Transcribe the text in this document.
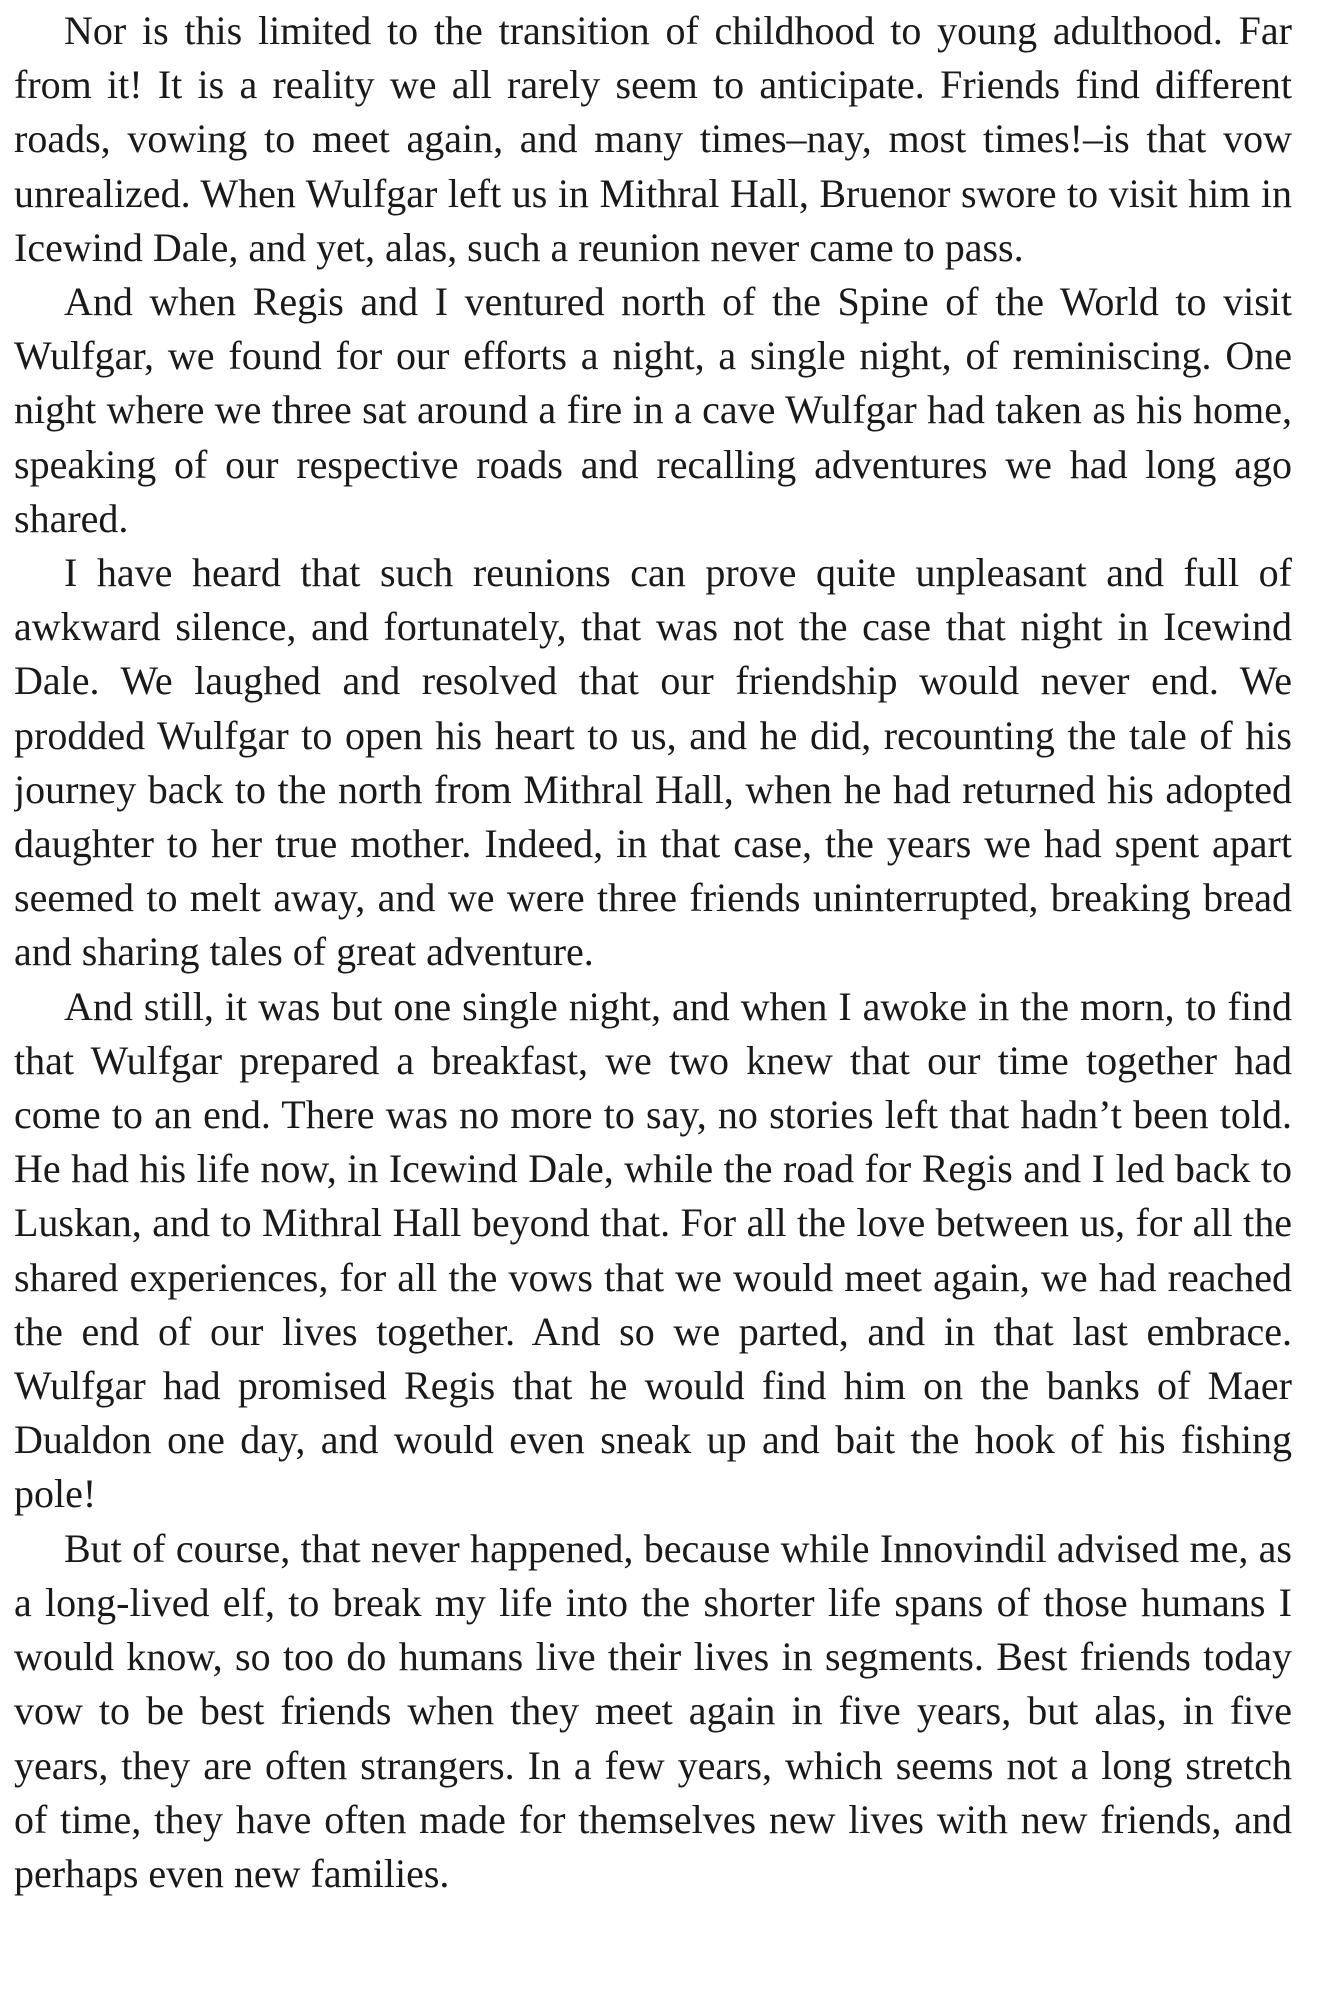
Nor is this limited to the transition of childhood to young adulthood. Far from it! It is a reality we all rarely seem to anticipate. Friends find different roads, vowing to meet again, and many times–nay, most times!–is that vow unrealized. When Wulfgar left us in Mithral Hall, Bruenor swore to visit him in Icewind Dale, and yet, alas, such a reunion never came to pass.

And when Regis and I ventured north of the Spine of the World to visit Wulfgar, we found for our efforts a night, a single night, of reminiscing. One night where we three sat around a fire in a cave Wulfgar had taken as his home, speaking of our respective roads and recalling adventures we had long ago shared.

I have heard that such reunions can prove quite unpleasant and full of awkward silence, and fortunately, that was not the case that night in Icewind Dale. We laughed and resolved that our friendship would never end. We prodded Wulfgar to open his heart to us, and he did, recounting the tale of his journey back to the north from Mithral Hall, when he had returned his adopted daughter to her true mother. Indeed, in that case, the years we had spent apart seemed to melt away, and we were three friends uninterrupted, breaking bread and sharing tales of great adventure.

And still, it was but one single night, and when I awoke in the morn, to find that Wulfgar prepared a breakfast, we two knew that our time together had come to an end. There was no more to say, no stories left that hadn’t been told. He had his life now, in Icewind Dale, while the road for Regis and I led back to Luskan, and to Mithral Hall beyond that. For all the love between us, for all the shared experiences, for all the vows that we would meet again, we had reached the end of our lives together. And so we parted, and in that last embrace. Wulfgar had promised Regis that he would find him on the banks of Maer Dualdon one day, and would even sneak up and bait the hook of his fishing pole!

But of course, that never happened, because while Innovindil advised me, as a long-lived elf, to break my life into the shorter life spans of those humans I would know, so too do humans live their lives in segments. Best friends today vow to be best friends when they meet again in five years, but alas, in five years, they are often strangers. In a few years, which seems not a long stretch of time, they have often made for themselves new lives with new friends, and perhaps even new families.
